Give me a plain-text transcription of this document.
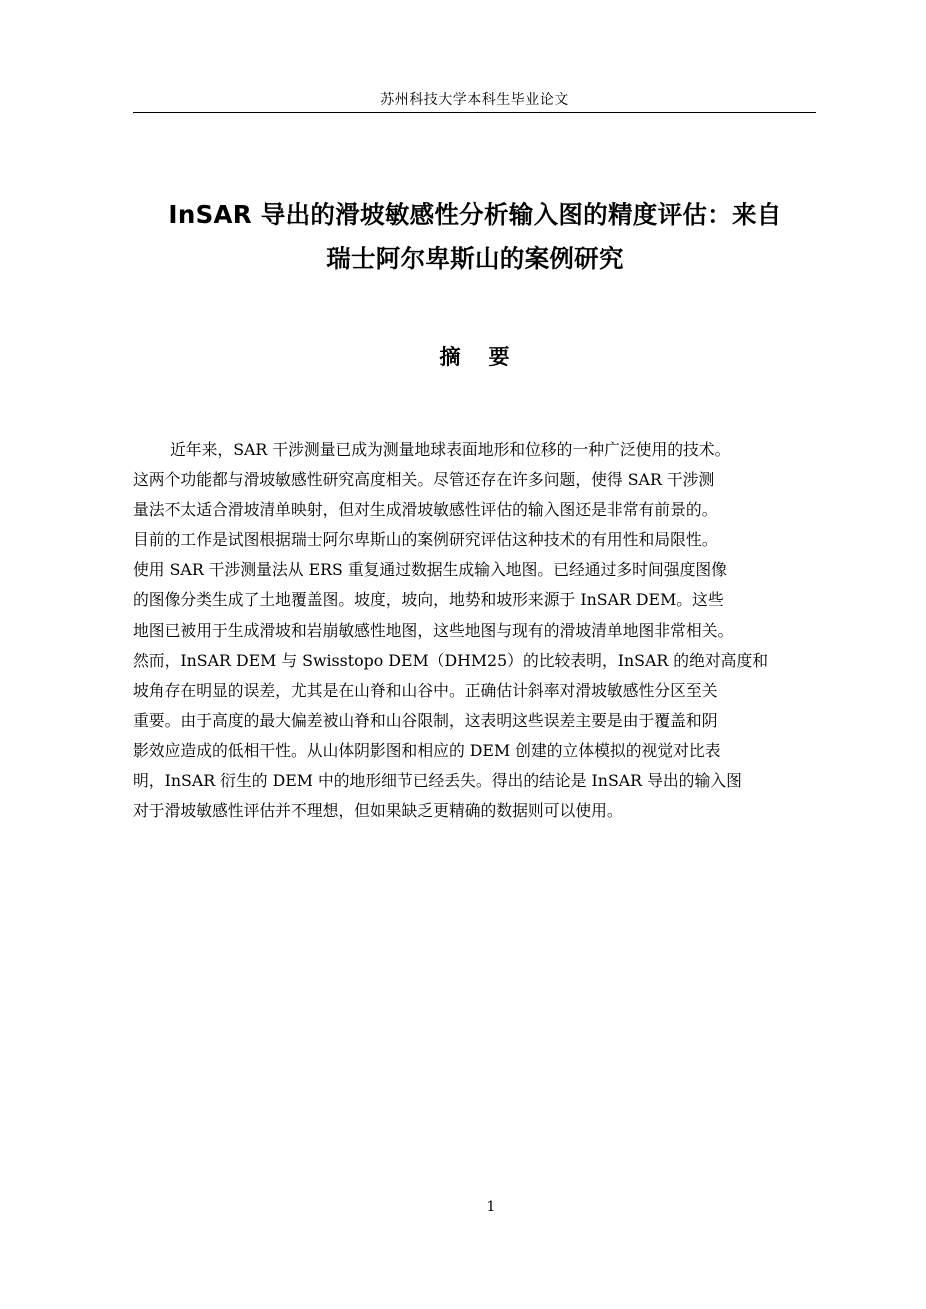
苏州科技大学本科生毕业论文
InSAR 导出的滑坡敏感性分析输入图的精度评估：来自
瑞士阿尔卑斯山的案例研究
摘要
近年来，SAR 干涉测量已成为测量地球表面地形和位移的一种广泛使用的技术。
这两个功能都与滑坡敏感性研究高度相关。尽管还存在许多问题，使得 SAR 干涉测
量法不太适合滑坡清单映射，但对生成滑坡敏感性评估的输入图还是非常有前景的。
目前的工作是试图根据瑞士阿尔卑斯山的案例研究评估这种技术的有用性和局限性。
使用 SAR 干涉测量法从 ERS 重复通过数据生成输入地图。已经通过多时间强度图像
的图像分类生成了土地覆盖图。坡度，坡向，地势和坡形来源于 InSAR DEM。这些
地图已被用于生成滑坡和岩崩敏感性地图，这些地图与现有的滑坡清单地图非常相关。
然而，InSAR DEM 与 Swisstopo DEM（DHM25）的比较表明，InSAR 的绝对高度和
坡角存在明显的误差，尤其是在山脊和山谷中。正确估计斜率对滑坡敏感性分区至关
重要。由于高度的最大偏差被山脊和山谷限制，这表明这些误差主要是由于覆盖和阴
影效应造成的低相干性。从山体阴影图和相应的 DEM 创建的立体模拟的视觉对比表
明，InSAR 衍生的 DEM 中的地形细节已经丢失。得出的结论是 InSAR 导出的输入图
对于滑坡敏感性评估并不理想，但如果缺乏更精确的数据则可以使用。
1
